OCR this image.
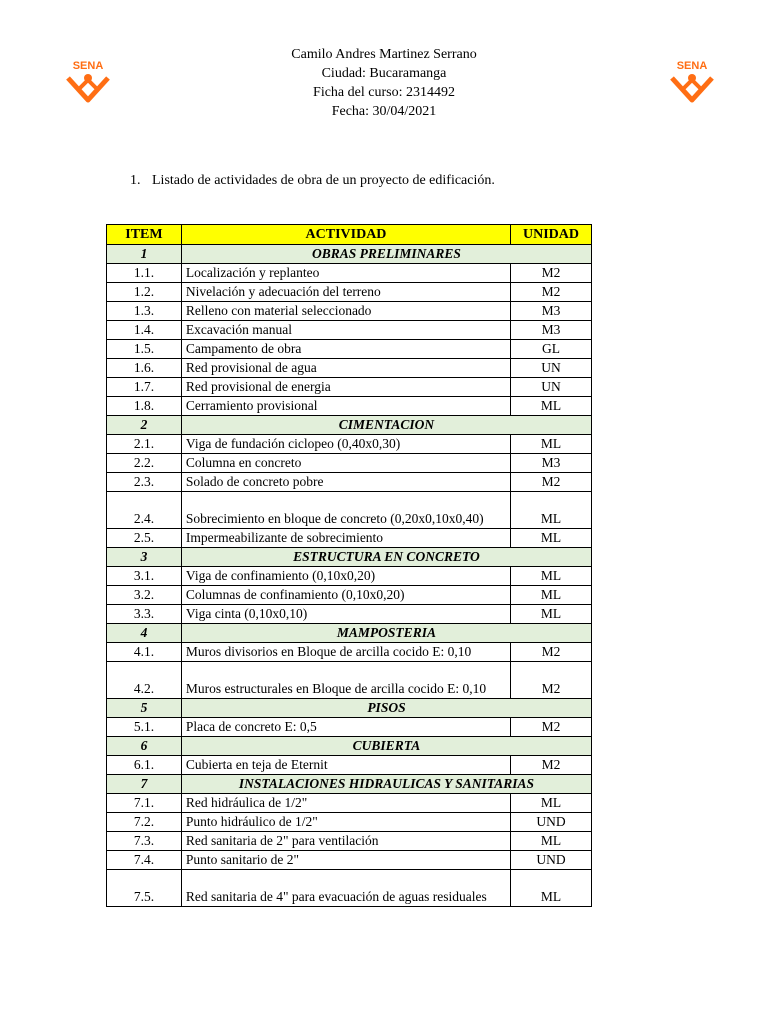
SENA	SENA
Camilo Andres Martinez Serrano
Ciudad: Bucaramanga
Ficha del curso: 2314492
Fecha: 30/04/2021
1. Listado de actividades de obra de un proyecto de edificación.
ITEM	ACTIVIDAD	UNIDAD
1	OBRAS PRELIMINARES	
1.1.	Localización y replanteo	M2
1.2.	Nivelación y adecuación del terreno	M2
1.3.	Relleno con material seleccionado	M3
1.4.	Excavación manual	M3
1.5.	Campamento de obra	GL
1.6.	Red provisional de agua	UN
1.7.	Red provisional de energia	UN
1.8.	Cerramiento provisional	ML
2	CIMENTACION	
2.1.	Viga de fundación ciclopeo (0,40x0,30)	ML
2.2.	Columna en concreto	M3
2.3.	Solado de concreto pobre	M2
2.4.	Sobrecimiento en bloque de concreto (0,20x0,10x0,40)	ML
2.5.	Impermeabilizante de sobrecimiento	ML
3	ESTRUCTURA EN CONCRETO	
3.1.	Viga de confinamiento (0,10x0,20)	ML
3.2.	Columnas de confinamiento (0,10x0,20)	ML
3.3.	Viga cinta (0,10x0,10)	ML
4	MAMPOSTERIA	
4.1.	Muros divisorios en Bloque de arcilla cocido E: 0,10	M2
4.2.	Muros estructurales en Bloque de arcilla cocido E: 0,10	M2
5	PISOS	
5.1.	Placa de concreto E: 0,5	M2
6	CUBIERTA	
6.1.	Cubierta en teja de Eternit	M2
7	INSTALACIONES HIDRAULICAS Y SANITARIAS	
7.1.	Red hidráulica de 1/2"	ML
7.2.	Punto hidráulico de 1/2"	UND
7.3.	Red sanitaria de 2" para ventilación	ML
7.4.	Punto sanitario de 2"	UND
7.5.	Red sanitaria de 4" para evacuación de aguas residuales	ML
